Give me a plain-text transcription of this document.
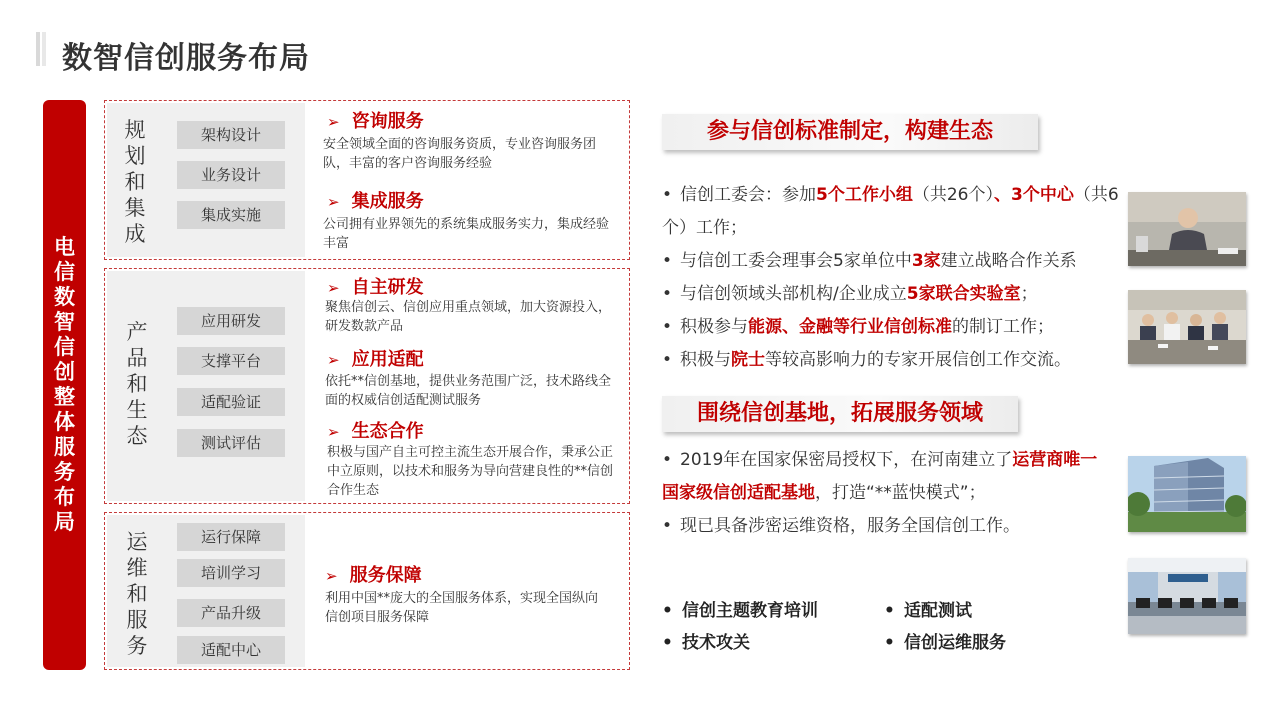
数智信创服务布局
电信数智信创整体服务布局
规划和集成
架构设计
业务设计
集成实施
➢ 咨询服务
安全领域全面的咨询服务资质，专业咨询服务团队，丰富的客户咨询服务经验
➢ 集成服务
公司拥有业界领先的系统集成服务实力，集成经验丰富
产品和生态
应用研发
支撑平台
适配验证
测试评估
➢ 自主研发
聚焦信创云、信创应用重点领域，加大资源投入，研发数款产品
➢ 应用适配
依托**信创基地，提供业务范围广泛，技术路线全面的权威信创适配测试服务
➢ 生态合作
积极与国产自主可控主流生态开展合作，秉承公正中立原则，以技术和服务为导向营建良性的**信创合作生态
运维和服务
运行保障
培训学习
产品升级
适配中心
➢ 服务保障
利用中国**庞大的全国服务体系，实现全国纵向信创项目服务保障
参与信创标准制定，构建生态
• 信创工委会：参加5个工作小组（共26个）、3个中心（共6个）工作；
• 与信创工委会理事会5家单位中3家建立战略合作关系
• 与信创领域头部机构/企业成立5家联合实验室；
• 积极参与能源、金融等行业信创标准的制订工作；
• 积极与院士等较高影响力的专家开展信创工作交流。
围绕信创基地，拓展服务领域
• 2019年在国家保密局授权下，在河南建立了运营商唯一国家级信创适配基地，打造“**蓝快模式”；
• 现已具备涉密运维资格，服务全国信创工作。
• 信创主题教育培训	• 适配测试
• 技术攻关	• 信创运维服务
